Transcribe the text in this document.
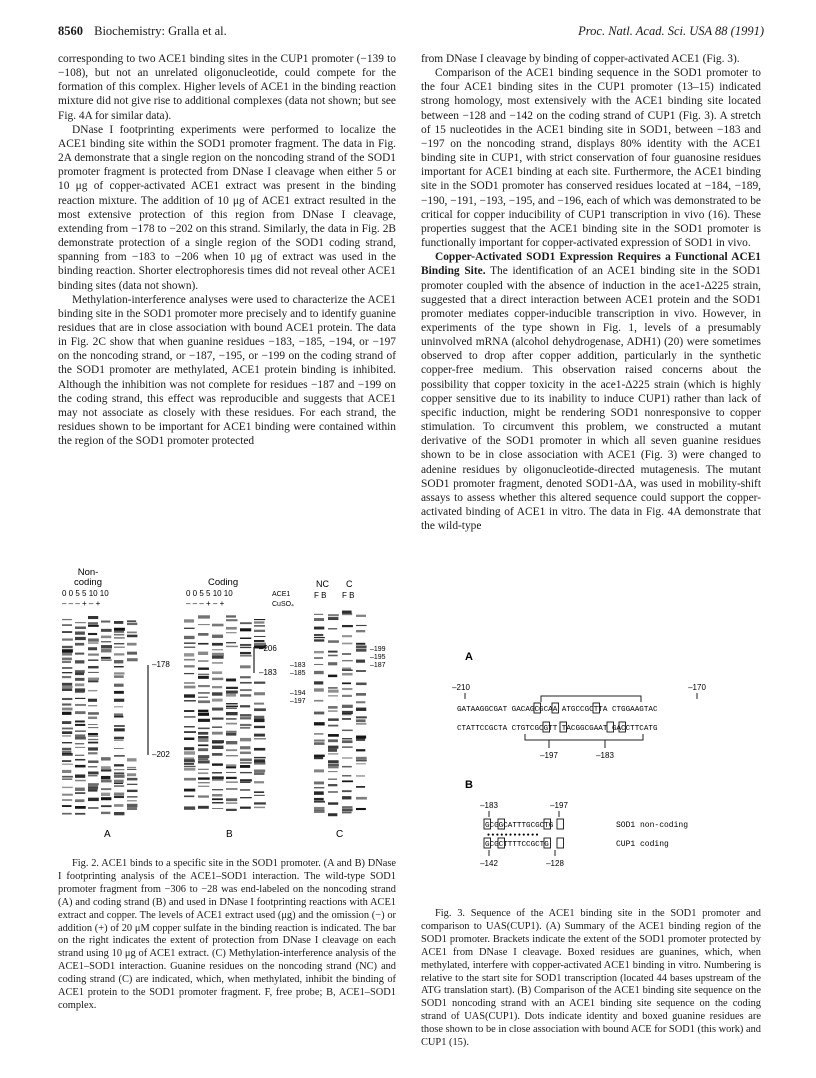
8560 Biochemistry: Gralla et al.	Proc. Natl. Acad. Sci. USA 88 (1991)

corresponding to two ACE1 binding sites in the CUP1 promoter (−139 to −108), but not an unrelated oligonucleotide, could compete for the formation of this complex. Higher levels of ACE1 in the binding reaction mixture did not give rise to additional complexes (data not shown; but see Fig. 4A for similar data).

DNase I footprinting experiments were performed to localize the ACE1 binding site within the SOD1 promoter fragment. The data in Fig. 2A demonstrate that a single region on the noncoding strand of the SOD1 promoter fragment is protected from DNase I cleavage when either 5 or 10 μg of copper-activated ACE1 extract was present in the binding reaction mixture. The addition of 10 μg of ACE1 extract resulted in the most extensive protection of this region from DNase I cleavage, extending from −178 to −202 on this strand. Similarly, the data in Fig. 2B demonstrate protection of a single region of the SOD1 coding strand, spanning from −183 to −206 when 10 μg of extract was used in the binding reaction. Shorter electrophoresis times did not reveal other ACE1 binding sites (data not shown).

Methylation-interference analyses were used to characterize the ACE1 binding site in the SOD1 promoter more precisely and to identify guanine residues that are in close association with bound ACE1 protein. The data in Fig. 2C show that when guanine residues −183, −185, −194, or −197 on the noncoding strand, or −187, −195, or −199 on the coding strand of the SOD1 promoter are methylated, ACE1 protein binding is inhibited. Although the inhibition was not complete for residues −187 and −199 on the coding strand, this effect was reproducible and suggests that ACE1 may not associate as closely with these residues. For each strand, the residues shown to be important for ACE1 binding were contained within the region of the SOD1 promoter protected

from DNase I cleavage by binding of copper-activated ACE1 (Fig. 3).

Comparison of the ACE1 binding sequence in the SOD1 promoter to the four ACE1 binding sites in the CUP1 promoter (13–15) indicated strong homology, most extensively with the ACE1 binding site located between −128 and −142 on the coding strand of CUP1 (Fig. 3). A stretch of 15 nucleotides in the ACE1 binding site in SOD1, between −183 and −197 on the noncoding strand, displays 80% identity with the ACE1 binding site in CUP1, with strict conservation of four guanosine residues important for ACE1 binding at each site. Furthermore, the ACE1 binding site in the SOD1 promoter has conserved residues located at −184, −189, −190, −191, −193, −195, and −196, each of which was demonstrated to be critical for copper inducibility of CUP1 transcription in vivo (16). These properties suggest that the ACE1 binding site in the SOD1 promoter is functionally important for copper-activated expression of SOD1 in vivo.

Copper-Activated SOD1 Expression Requires a Functional ACE1 Binding Site. The identification of an ACE1 binding site in the SOD1 promoter coupled with the absence of induction in the ace1-Δ225 strain, suggested that a direct interaction between ACE1 protein and the SOD1 promoter mediates copper-inducible transcription in vivo. However, in experiments of the type shown in Fig. 1, levels of a presumably uninvolved mRNA (alcohol dehydrogenase, ADH1) (20) were sometimes observed to drop after copper addition, particularly in the synthetic copper-free medium. This observation raised concerns about the possibility that copper toxicity in the ace1-Δ225 strain (which is highly copper sensitive due to its inability to induce CUP1) rather than lack of specific induction, might be rendering SOD1 nonresponsive to copper stimulation. To circumvent this problem, we constructed a mutant derivative of the SOD1 promoter in which all seven guanine residues shown to be in close association with ACE1 (Fig. 3) were changed to adenine residues by oligonucleotide-directed mutagenesis. The mutant SOD1 promoter fragment, denoted SOD1-ΔA, was used in mobility-shift assays to assess whether this altered sequence could support the copper-activated binding of ACE1 in vitro. The data in Fig. 4A demonstrate that the wild-type

Non-
coding
0 0 5 5 10 10
– – – + – +
–178
–202
A
Coding
0 0 5 5 10 10
– – – + – +
ACE1
CuSO₄
–206
–183
B
NC C
F B F B
–183
–185
–194
–197
–199
–195
–187
C

Fig. 2. ACE1 binds to a specific site in the SOD1 promoter. (A and B) DNase I footprinting analysis of the ACE1–SOD1 interaction. The wild-type SOD1 promoter fragment from −306 to −28 was end-labeled on the noncoding strand (A) and coding strand (B) and used in DNase I footprinting reactions with ACE1 extract and copper. The levels of ACE1 extract used (μg) and the omission (−) or addition (+) of 20 μM copper sulfate in the binding reaction is indicated. The bar on the right indicates the extent of protection from DNase I cleavage on each strand using 10 μg of ACE1 extract. (C) Methylation-interference analysis of the ACE1–SOD1 interaction. Guanine residues on the noncoding strand (NC) and coding strand (C) are indicated, which, when methylated, inhibit the binding of ACE1 protein to the SOD1 promoter fragment. F, free probe; B, ACE1–SOD1 complex.

A
–210	–170
GATAAGGCGAT GACAGCGCAA ATGCCGCTTA CTGGAAGTAC
CTATTCCGCTA CTGTCGCGTT TACGGCGAAT GACCTTCATG
–197	–183
B
–183	–197
GCGGCATTTGCGCTG
● ● ● ● ● ● ● ● ● ● ● ●
GCGCTTTTCCGCTG
SOD1 non-coding
CUP1 coding
–142	–128

Fig. 3. Sequence of the ACE1 binding site in the SOD1 promoter and comparison to UAS(CUP1). (A) Summary of the ACE1 binding region of the SOD1 promoter. Brackets indicate the extent of the SOD1 promoter protected by ACE1 from DNase I cleavage. Boxed residues are guanines, which, when methylated, interfere with copper-activated ACE1 binding in vitro. Numbering is relative to the start site for SOD1 transcription (located 44 bases upstream of the ATG translation start). (B) Comparison of the ACE1 binding site sequence on the SOD1 noncoding strand with an ACE1 binding site sequence on the coding strand of UAS(CUP1). Dots indicate identity and boxed guanine residues are those shown to be in close association with bound ACE for SOD1 (this work) and CUP1 (15).
